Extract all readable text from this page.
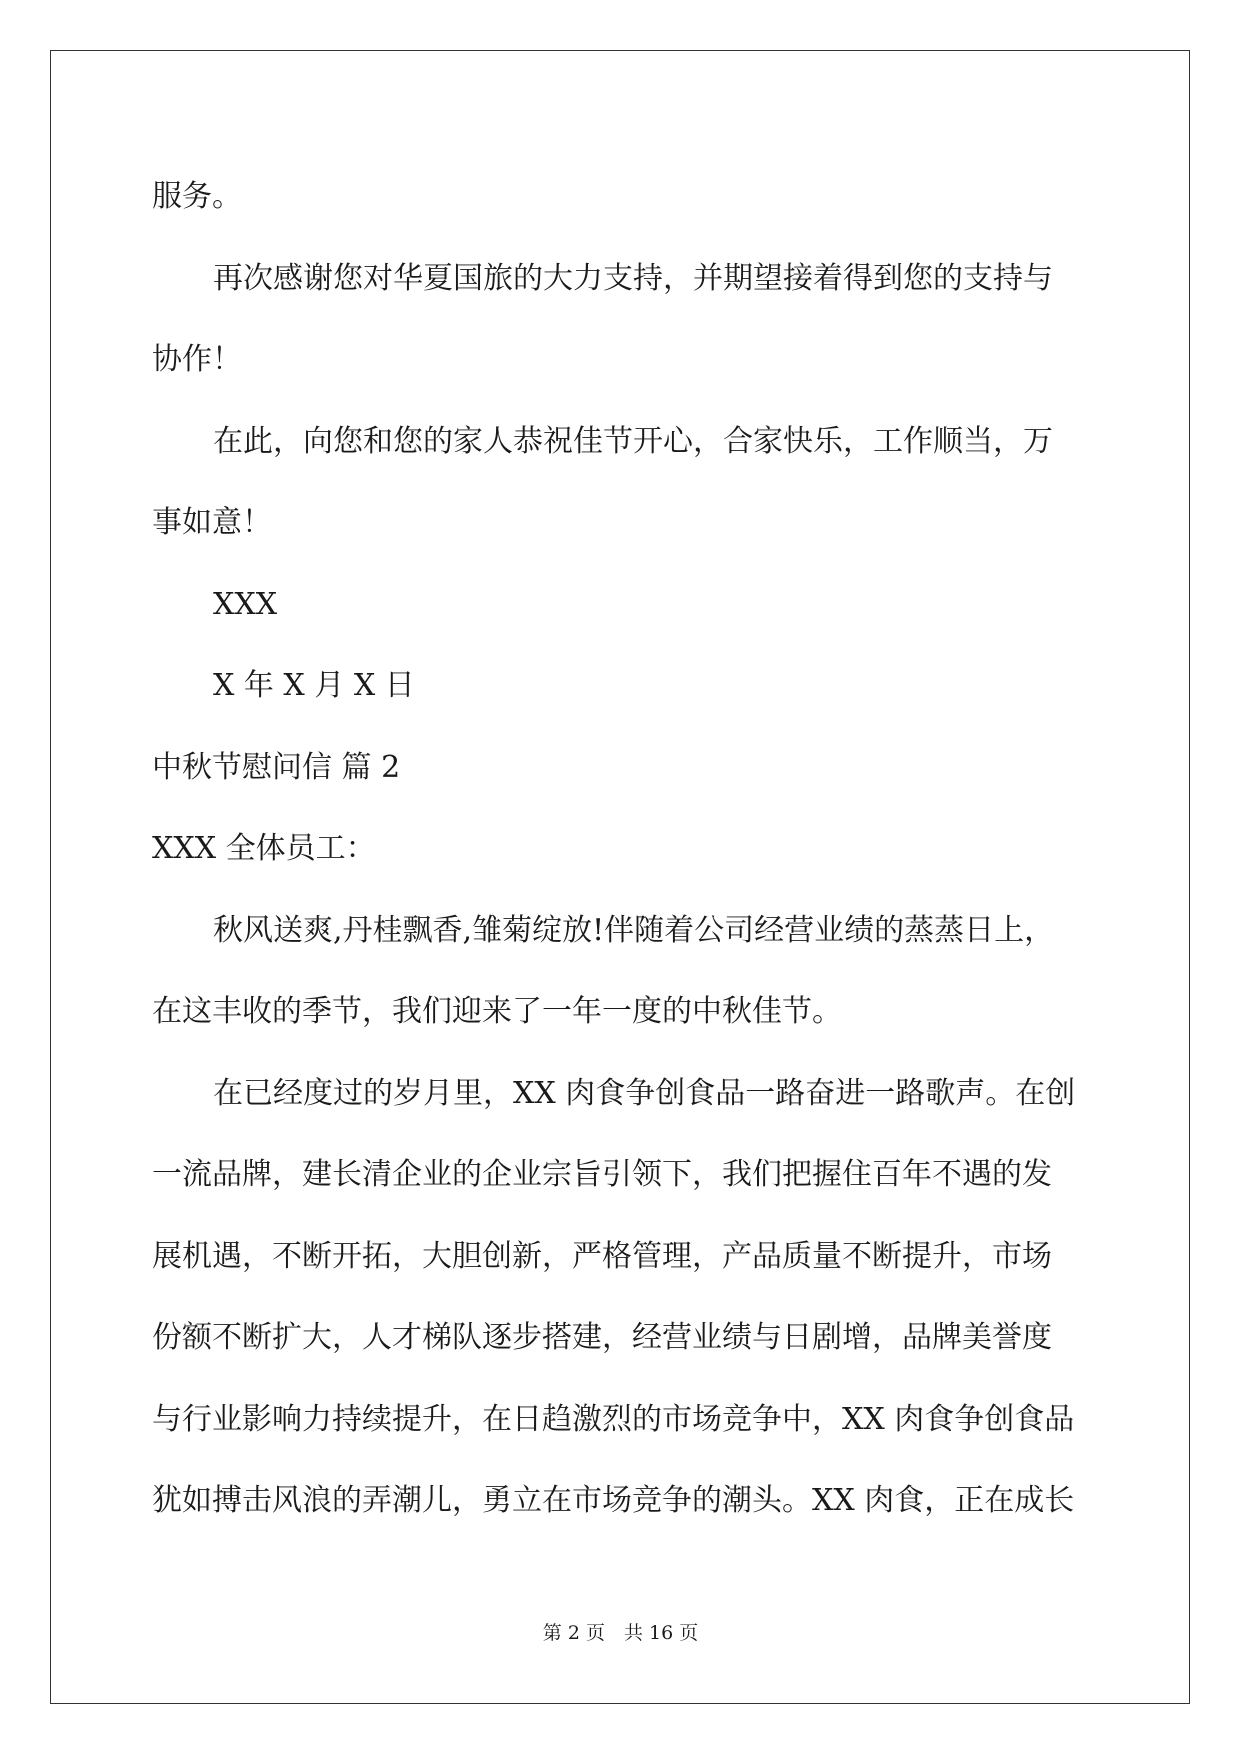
服务。
再次感谢您对华夏国旅的大力支持，并期望接着得到您的支持与
协作！
在此，向您和您的家人恭祝佳节开心，合家快乐，工作顺当，万
事如意！
XXX
X 年 X 月 X 日
中秋节慰问信 篇 2
XXX 全体员工：
秋风送爽,丹桂飘香,雏菊绽放!伴随着公司经营业绩的蒸蒸日上，
在这丰收的季节，我们迎来了一年一度的中秋佳节。
在已经度过的岁月里，XX 肉食争创食品一路奋进一路歌声。在创
一流品牌，建长清企业的企业宗旨引领下，我们把握住百年不遇的发
展机遇，不断开拓，大胆创新，严格管理，产品质量不断提升，市场
份额不断扩大，人才梯队逐步搭建，经营业绩与日剧增，品牌美誉度
与行业影响力持续提升，在日趋激烈的市场竞争中，XX 肉食争创食品
犹如搏击风浪的弄潮儿，勇立在市场竞争的潮头。XX 肉食，正在成长
第 2 页　共 16 页
